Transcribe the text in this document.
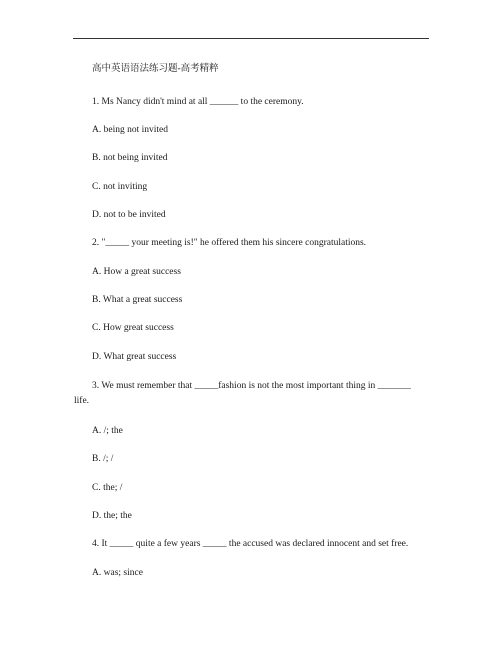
高中英语语法练习题-高考精粹
1. Ms Nancy didn't mind at all ______ to the ceremony.
A. being not invited
B. not being invited
C. not inviting
D. not to be invited
2. "_____ your meeting is!" he offered them his sincere congratulations.
A. How a great success
B. What a great success
C. How great success
D. What great success
3. We must remember that _____fashion is not the most important thing in _______ life.
A. /; the
B. /; /
C. the; /
D. the; the
4. It _____ quite a few years _____ the accused was declared innocent and set free.
A. was; since
